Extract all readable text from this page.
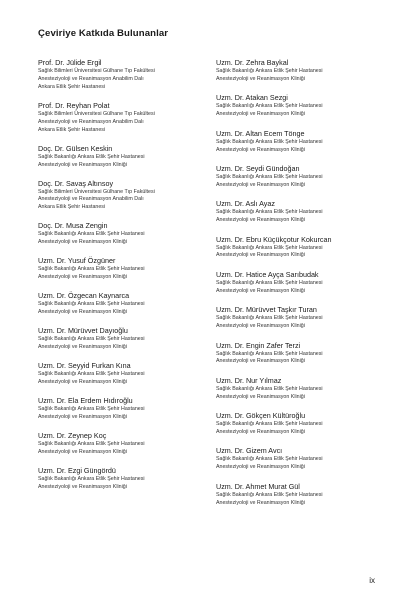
Çeviriye Katkıda Bulunanlar
Prof. Dr. Jülide Ergil
Sağlık Bilimleri Üniversitesi Gülhane Tıp Fakültesi
Anesteziyoloji ve Reanimasyon Anabilim Dalı
Ankara Etlik Şehir Hastanesi
Prof. Dr. Reyhan Polat
Sağlık Bilimleri Üniversitesi Gülhane Tıp Fakültesi
Anesteziyoloji ve Reanimasyon Anabilim Dalı
Ankara Etlik Şehir Hastanesi
Doç. Dr. Gülsen Keskin
Sağlık Bakanlığı Ankara Etlik Şehir Hastanesi
Anesteziyoloji ve Reanimasyon Kliniği
Doç. Dr. Savaş Altınsoy
Sağlık Bilimleri Üniversitesi Gülhane Tıp Fakültesi
Anesteziyoloji ve Reanimasyon Anabilim Dalı
Ankara Etlik Şehir Hastanesi
Doç. Dr. Musa Zengin
Sağlık Bakanlığı Ankara Etlik Şehir Hastanesi
Anesteziyoloji ve Reanimasyon Kliniği
Uzm. Dr. Yusuf Özgüner
Sağlık Bakanlığı Ankara Etlik Şehir Hastanesi
Anesteziyoloji ve Reanimasyon Kliniği
Uzm. Dr. Özgecan Kaynarca
Sağlık Bakanlığı Ankara Etlik Şehir Hastanesi
Anesteziyoloji ve Reanimasyon Kliniği
Uzm. Dr. Mürüvvet Dayıoğlu
Sağlık Bakanlığı Ankara Etlik Şehir Hastanesi
Anesteziyoloji ve Reanimasyon Kliniği
Uzm. Dr. Seyyid Furkan Kına
Sağlık Bakanlığı Ankara Etlik Şehir Hastanesi
Anesteziyoloji ve Reanimasyon Kliniği
Uzm. Dr. Ela Erdem Hıdıroğlu
Sağlık Bakanlığı Ankara Etlik Şehir Hastanesi
Anesteziyoloji ve Reanimasyon Kliniği
Uzm. Dr. Zeynep Koç
Sağlık Bakanlığı Ankara Etlik Şehir Hastanesi
Anesteziyoloji ve Reanimasyon Kliniği
Uzm. Dr. Ezgi Güngördü
Sağlık Bakanlığı Ankara Etlik Şehir Hastanesi
Anesteziyoloji ve Reanimasyon Kliniği
Uzm. Dr. Zehra Baykal
Sağlık Bakanlığı Ankara Etlik Şehir Hastanesi
Anesteziyoloji ve Reanimasyon Kliniği
Uzm. Dr. Atakan Sezgi
Sağlık Bakanlığı Ankara Etlik Şehir Hastanesi
Anesteziyoloji ve Reanimasyon Kliniği
Uzm. Dr. Altan Ecem Tönge
Sağlık Bakanlığı Ankara Etlik Şehir Hastanesi
Anesteziyoloji ve Reanimasyon Kliniği
Uzm. Dr. Seydi Gündoğan
Sağlık Bakanlığı Ankara Etlik Şehir Hastanesi
Anesteziyoloji ve Reanimasyon Kliniği
Uzm. Dr. Aslı Ayaz
Sağlık Bakanlığı Ankara Etlik Şehir Hastanesi
Anesteziyoloji ve Reanimasyon Kliniği
Uzm. Dr. Ebru Küçükçotur Kokurcan
Sağlık Bakanlığı Ankara Etlik Şehir Hastanesi
Anesteziyoloji ve Reanimasyon Kliniği
Uzm. Dr. Hatice Ayça Sarıbudak
Sağlık Bakanlığı Ankara Etlik Şehir Hastanesi
Anesteziyoloji ve Reanimasyon Kliniği
Uzm. Dr. Mürüvvet Taşkır Turan
Sağlık Bakanlığı Ankara Etlik Şehir Hastanesi
Anesteziyoloji ve Reanimasyon Kliniği
Uzm. Dr. Engin Zafer Terzi
Sağlık Bakanlığı Ankara Etlik Şehir Hastanesi
Anesteziyoloji ve Reanimasyon Kliniği
Uzm. Dr. Nur Yılmaz
Sağlık Bakanlığı Ankara Etlik Şehir Hastanesi
Anesteziyoloji ve Reanimasyon Kliniği
Uzm. Dr. Gökçen Kültüroğlu
Sağlık Bakanlığı Ankara Etlik Şehir Hastanesi
Anesteziyoloji ve Reanimasyon Kliniği
Uzm. Dr. Gizem Avcı
Sağlık Bakanlığı Ankara Etlik Şehir Hastanesi
Anesteziyoloji ve Reanimasyon Kliniği
Uzm. Dr. Ahmet Murat Gül
Sağlık Bakanlığı Ankara Etlik Şehir Hastanesi
Anesteziyoloji ve Reanimasyon Kliniği

ix
